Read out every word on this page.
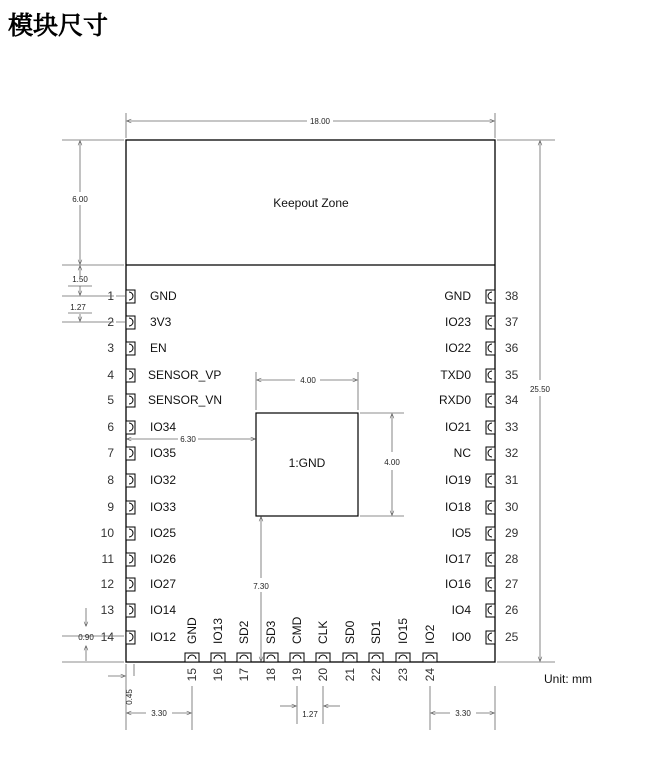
模块尺寸
Keepout Zone
1:GND
1	GND
2	3V3
3	EN
4	SENSOR_VP
5	SENSOR_VN
6	IO34
7	IO35
8	IO32
9	IO33
10	IO25
11	IO26
12	IO27
13	IO14
14	IO12
GND	38
IO23	37
IO22	36
TXD0	35
RXD0	34
IO21	33
NC	32
IO19	31
IO18	30
IO5	29
IO17	28
IO16	27
IO4	26
IO0	25
GND
15
IO13
16
SD2
17
SD3
18
CMD
19
CLK
20
SD0
21
SD1
22
IO15
23
IO2
24
18.00
25.50
6.00
1.50
1.27
4.00
4.00
6.30
7.30
0.90
0.45
3.30	1.27	3.30
Unit: mm
